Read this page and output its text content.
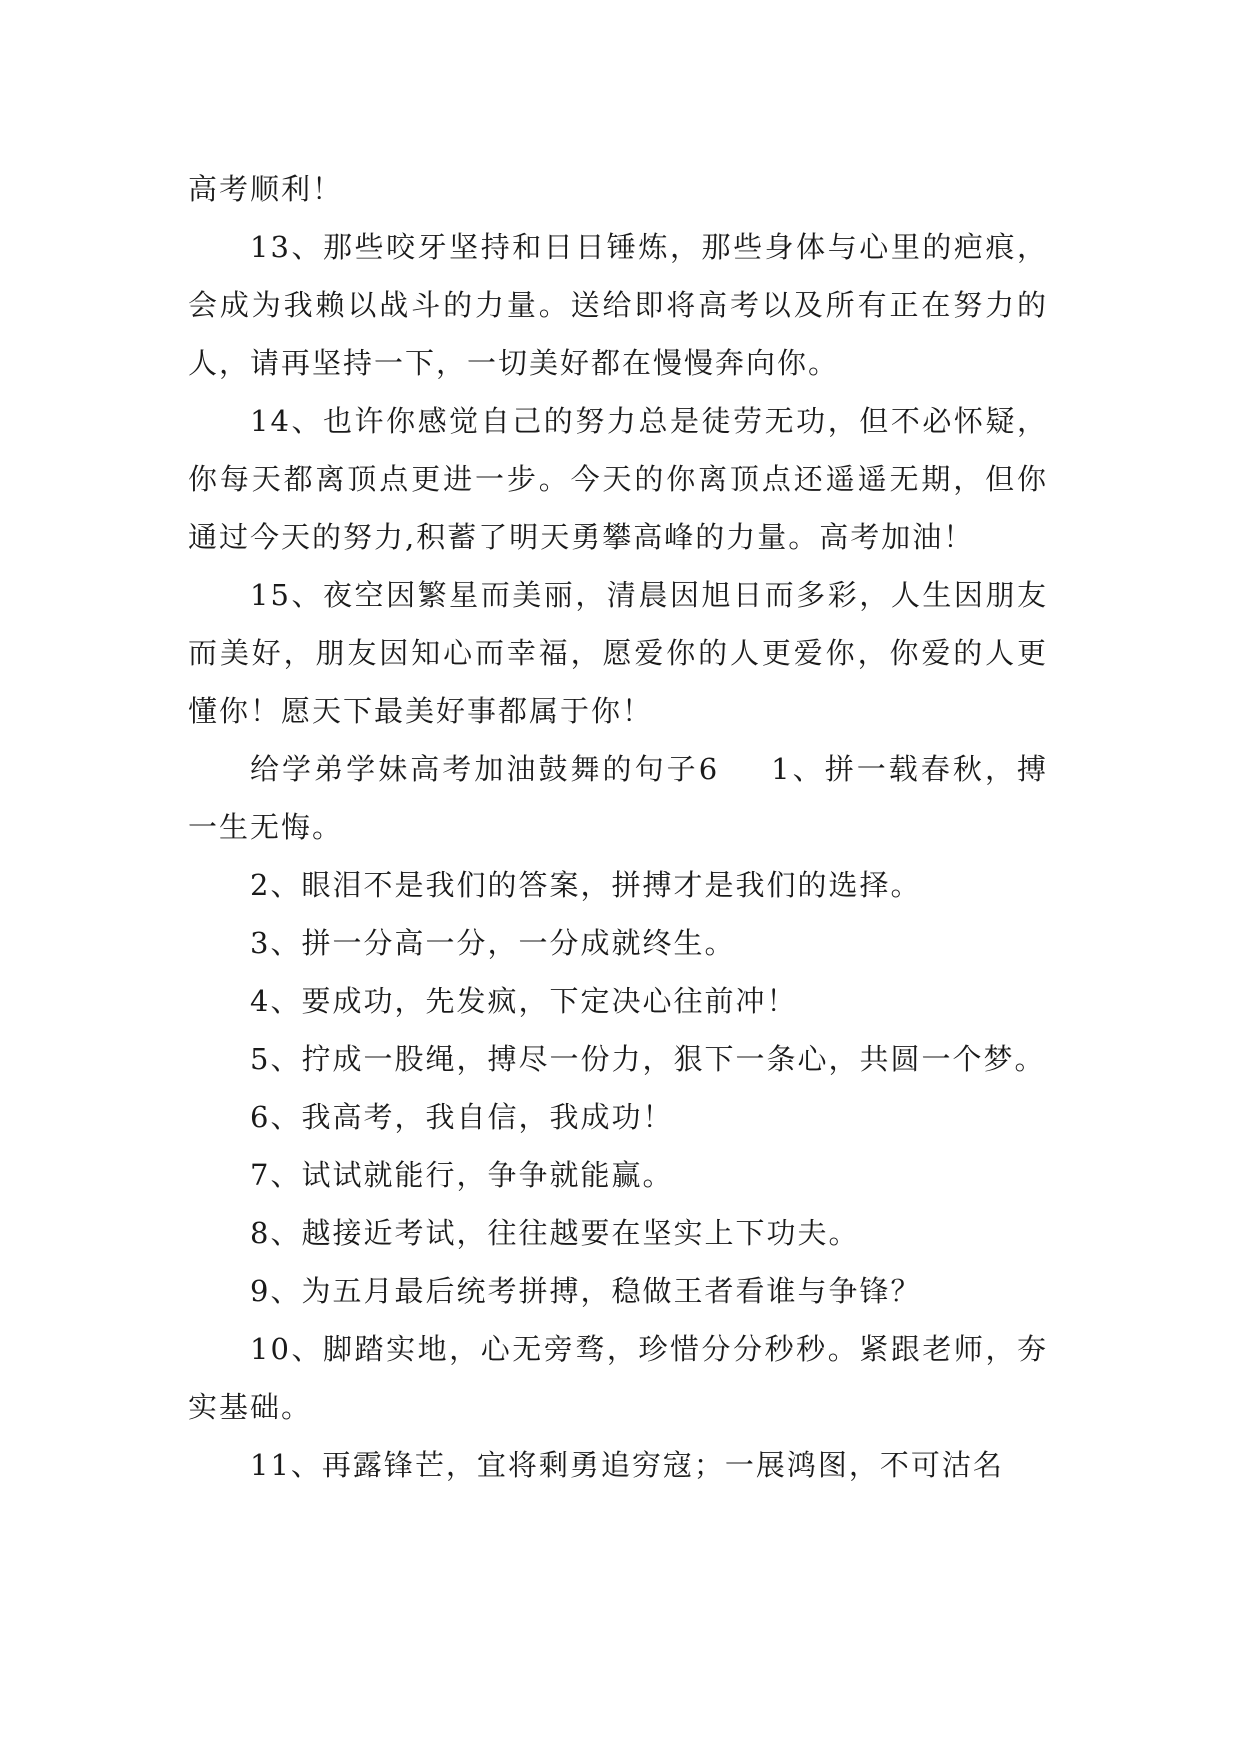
高考顺利！

13、那些咬牙坚持和日日锤炼，那些身体与心里的疤痕，会成为我赖以战斗的力量。送给即将高考以及所有正在努力的人，请再坚持一下，一切美好都在慢慢奔向你。

14、也许你感觉自己的努力总是徒劳无功，但不必怀疑，你每天都离顶点更进一步。今天的你离顶点还遥遥无期，但你通过今天的努力,积蓄了明天勇攀高峰的力量。高考加油！

15、夜空因繁星而美丽，清晨因旭日而多彩，人生因朋友而美好，朋友因知心而幸福，愿爱你的人更爱你，你爱的人更懂你！愿天下最美好事都属于你！

给学弟学妹高考加油鼓舞的句子6 1、拼一载春秋，搏一生无悔。

2、眼泪不是我们的答案，拼搏才是我们的选择。

3、拼一分高一分，一分成就终生。

4、要成功，先发疯，下定决心往前冲！

5、拧成一股绳，搏尽一份力，狠下一条心，共圆一个梦。

6、我高考，我自信，我成功！

7、试试就能行，争争就能赢。

8、越接近考试，往往越要在坚实上下功夫。

9、为五月最后统考拼搏，稳做王者看谁与争锋？

10、脚踏实地，心无旁骛，珍惜分分秒秒。紧跟老师，夯实基础。

11、再露锋芒，宜将剩勇追穷寇；一展鸿图，不可沽名
